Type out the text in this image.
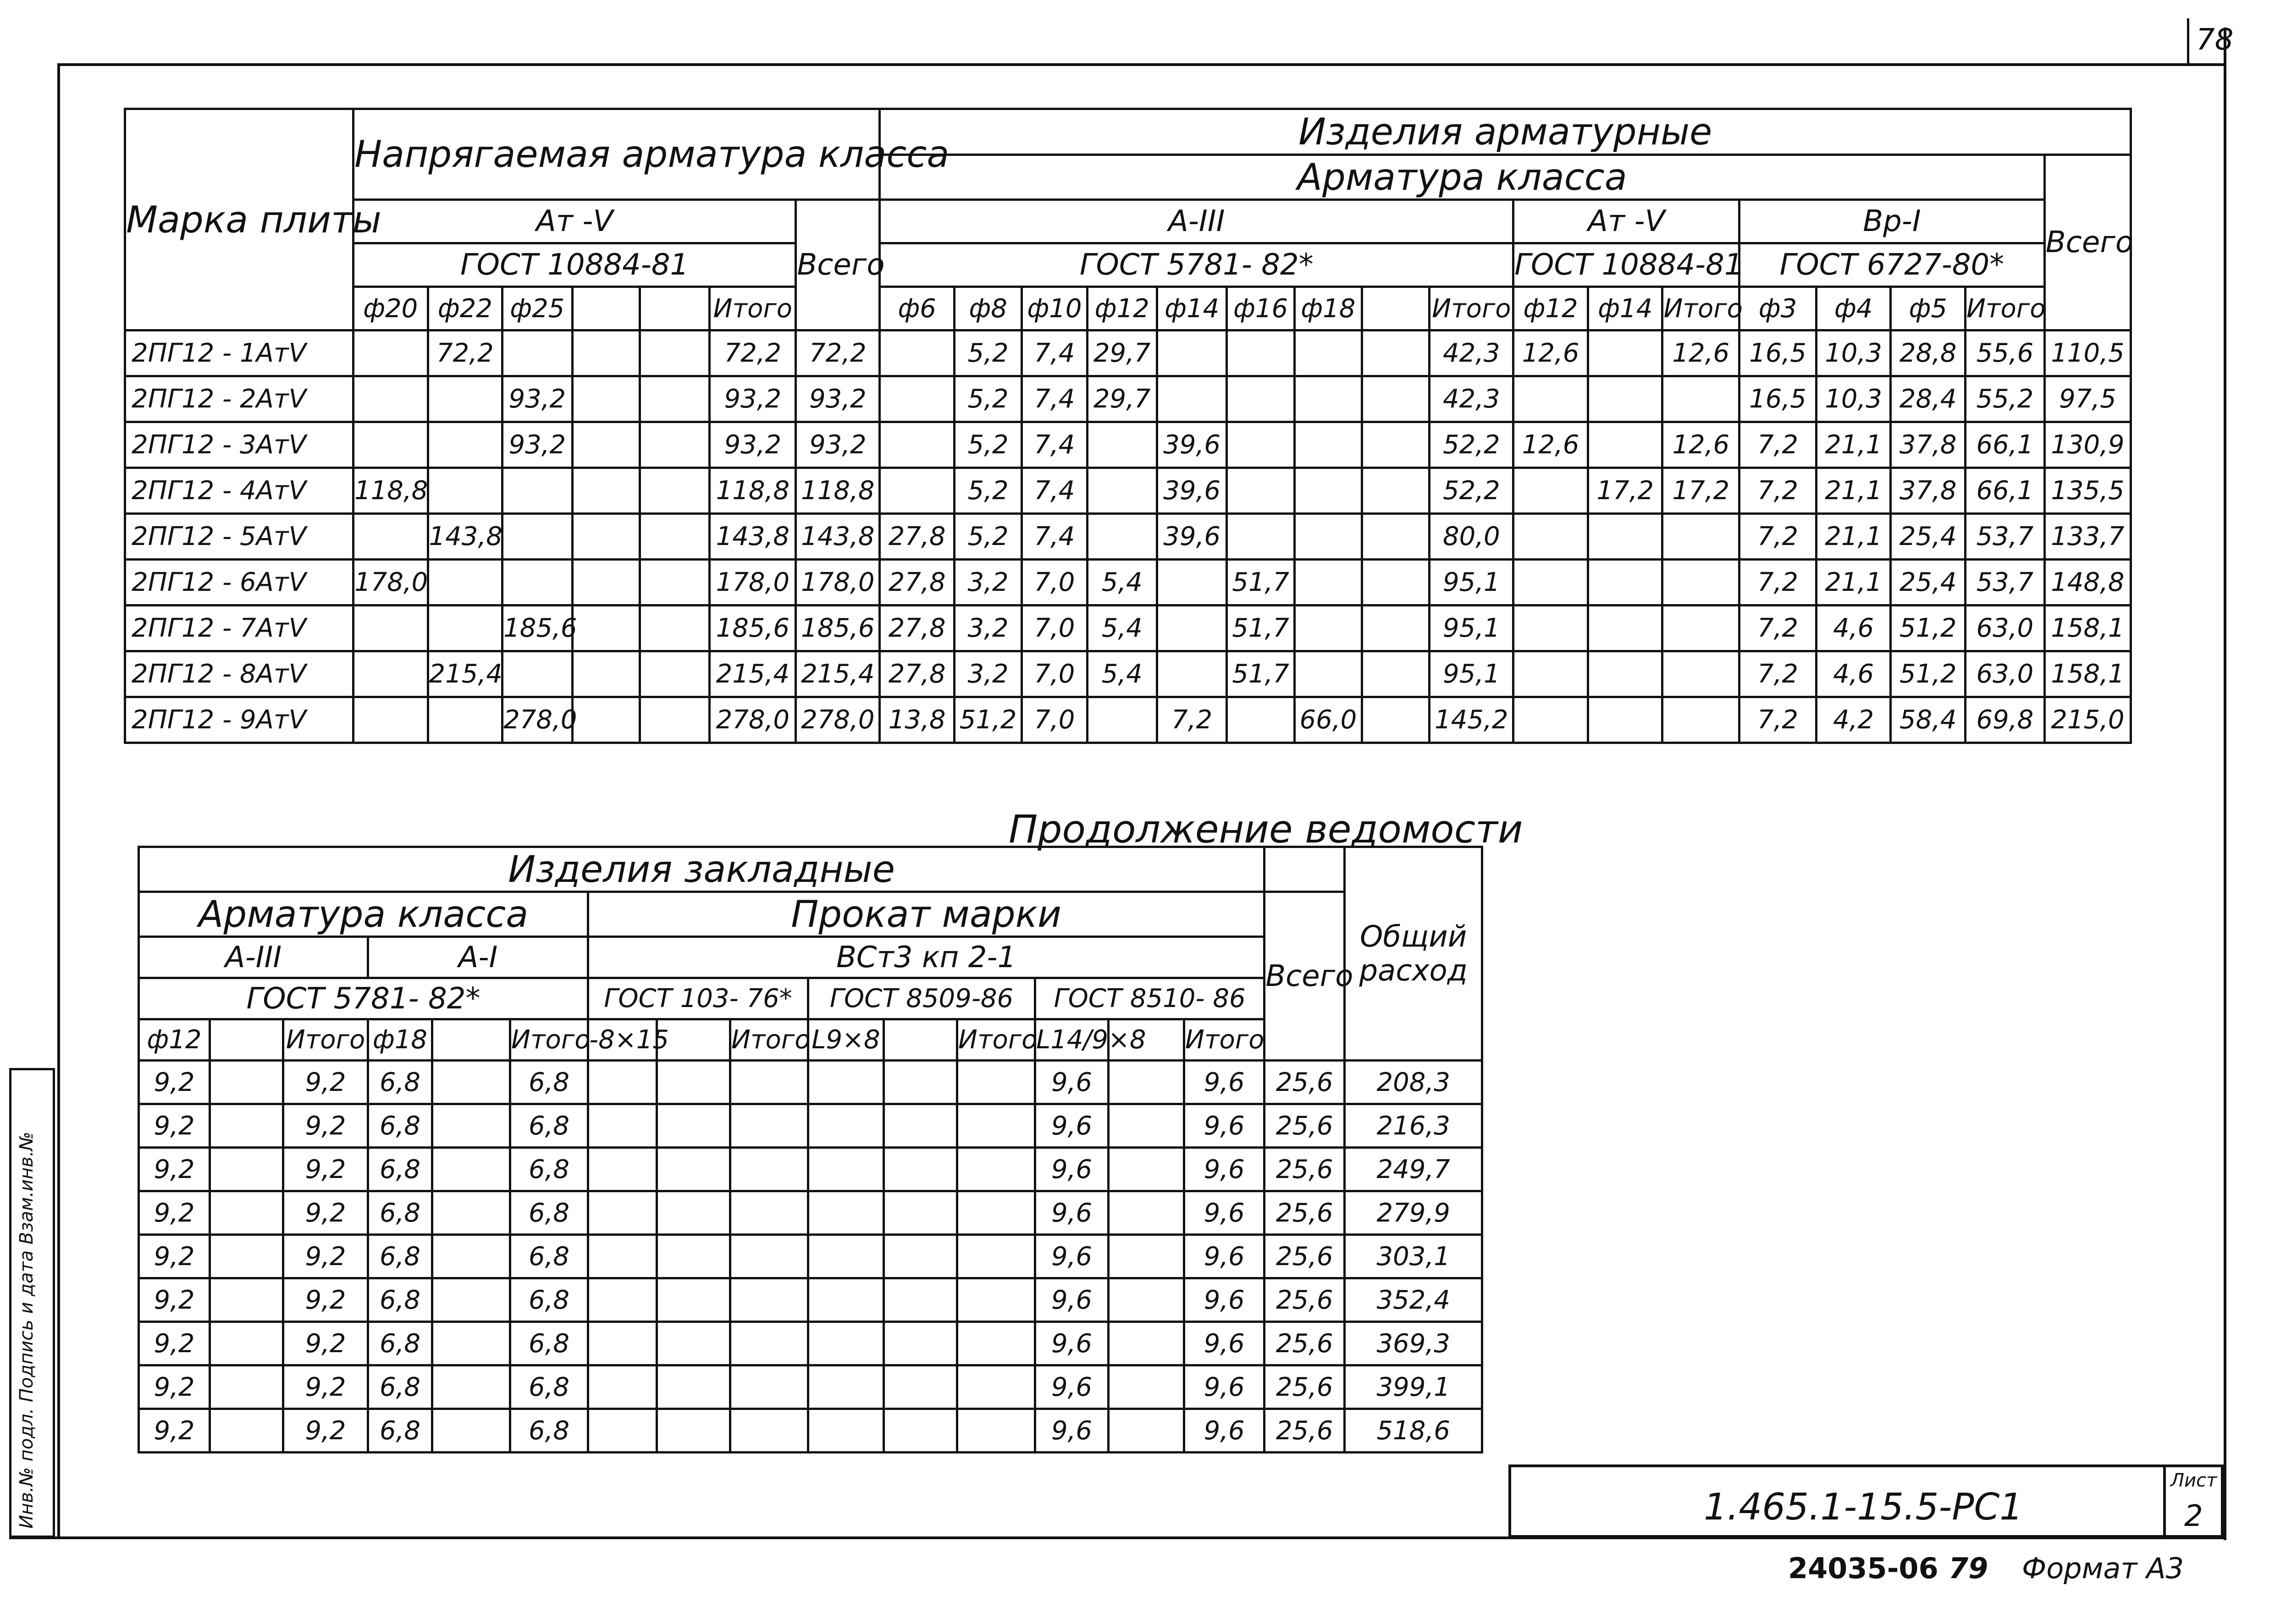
78
Инв.№ подл. Подпись и дата Взам.инв.№
Марка плиты	Напрягаемая арматура класса							Изделия арматурные																
								Арматура класса																Всего
	Aт -V						Всего	А-III									Aт -V			Вр-I				
	ГОСТ 10884-81							ГОСТ 5781- 82*									ГОСТ 10884-81			ГОСТ 6727-80*				
	ф20	ф22	ф25			Итого		ф6	ф8	ф10	ф12	ф14	ф16	ф18		Итого	ф12	ф14	Итого	ф3	ф4	ф5	Итого	
2ПГ12 - 1АтV		72,2				72,2	72,2		5,2	7,4	29,7					42,3	12,6		12,6	16,5	10,3	28,8	55,6	110,5
2ПГ12 - 2АтV			93,2			93,2	93,2		5,2	7,4	29,7					42,3				16,5	10,3	28,4	55,2	97,5
2ПГ12 - 3АтV			93,2			93,2	93,2		5,2	7,4		39,6				52,2	12,6		12,6	7,2	21,1	37,8	66,1	130,9
2ПГ12 - 4АтV	118,8					118,8	118,8		5,2	7,4		39,6				52,2		17,2	17,2	7,2	21,1	37,8	66,1	135,5
2ПГ12 - 5АтV		143,8				143,8	143,8	27,8	5,2	7,4		39,6				80,0				7,2	21,1	25,4	53,7	133,7
2ПГ12 - 6АтV	178,0					178,0	178,0	27,8	3,2	7,0	5,4		51,7			95,1				7,2	21,1	25,4	53,7	148,8
2ПГ12 - 7АтV			185,6			185,6	185,6	27,8	3,2	7,0	5,4		51,7			95,1				7,2	4,6	51,2	63,0	158,1
2ПГ12 - 8АтV		215,4				215,4	215,4	27,8	3,2	7,0	5,4		51,7			95,1				7,2	4,6	51,2	63,0	158,1
2ПГ12 - 9АтV			278,0			278,0	278,0	13,8	51,2	7,0		7,2		66,0		145,2				7,2	4,2	58,4	69,8	215,0
Продолжение ведомости
Изделия закладные																Общий расход
Арматура класса						Прокат марки									Всего	
А-III			А-I			ВСт3 кп 2-1										
ГОСТ 5781- 82*						ГОСТ 103- 76*			ГОСТ 8509-86			ГОСТ 8510- 86				
ф12		Итого	ф18		Итого	-8×15		Итого	L9×8		Итого	L14/9×8		Итого		
9,2		9,2	6,8		6,8							9,6		9,6	25,6	208,3
9,2		9,2	6,8		6,8							9,6		9,6	25,6	216,3
9,2		9,2	6,8		6,8							9,6		9,6	25,6	249,7
9,2		9,2	6,8		6,8							9,6		9,6	25,6	279,9
9,2		9,2	6,8		6,8							9,6		9,6	25,6	303,1
9,2		9,2	6,8		6,8							9,6		9,6	25,6	352,4
9,2		9,2	6,8		6,8							9,6		9,6	25,6	369,3
9,2		9,2	6,8		6,8							9,6		9,6	25,6	399,1
9,2		9,2	6,8		6,8							9,6		9,6	25,6	518,6
1.465.1-15.5-РС1
Лист
2
24035-06 79 Формат А3
